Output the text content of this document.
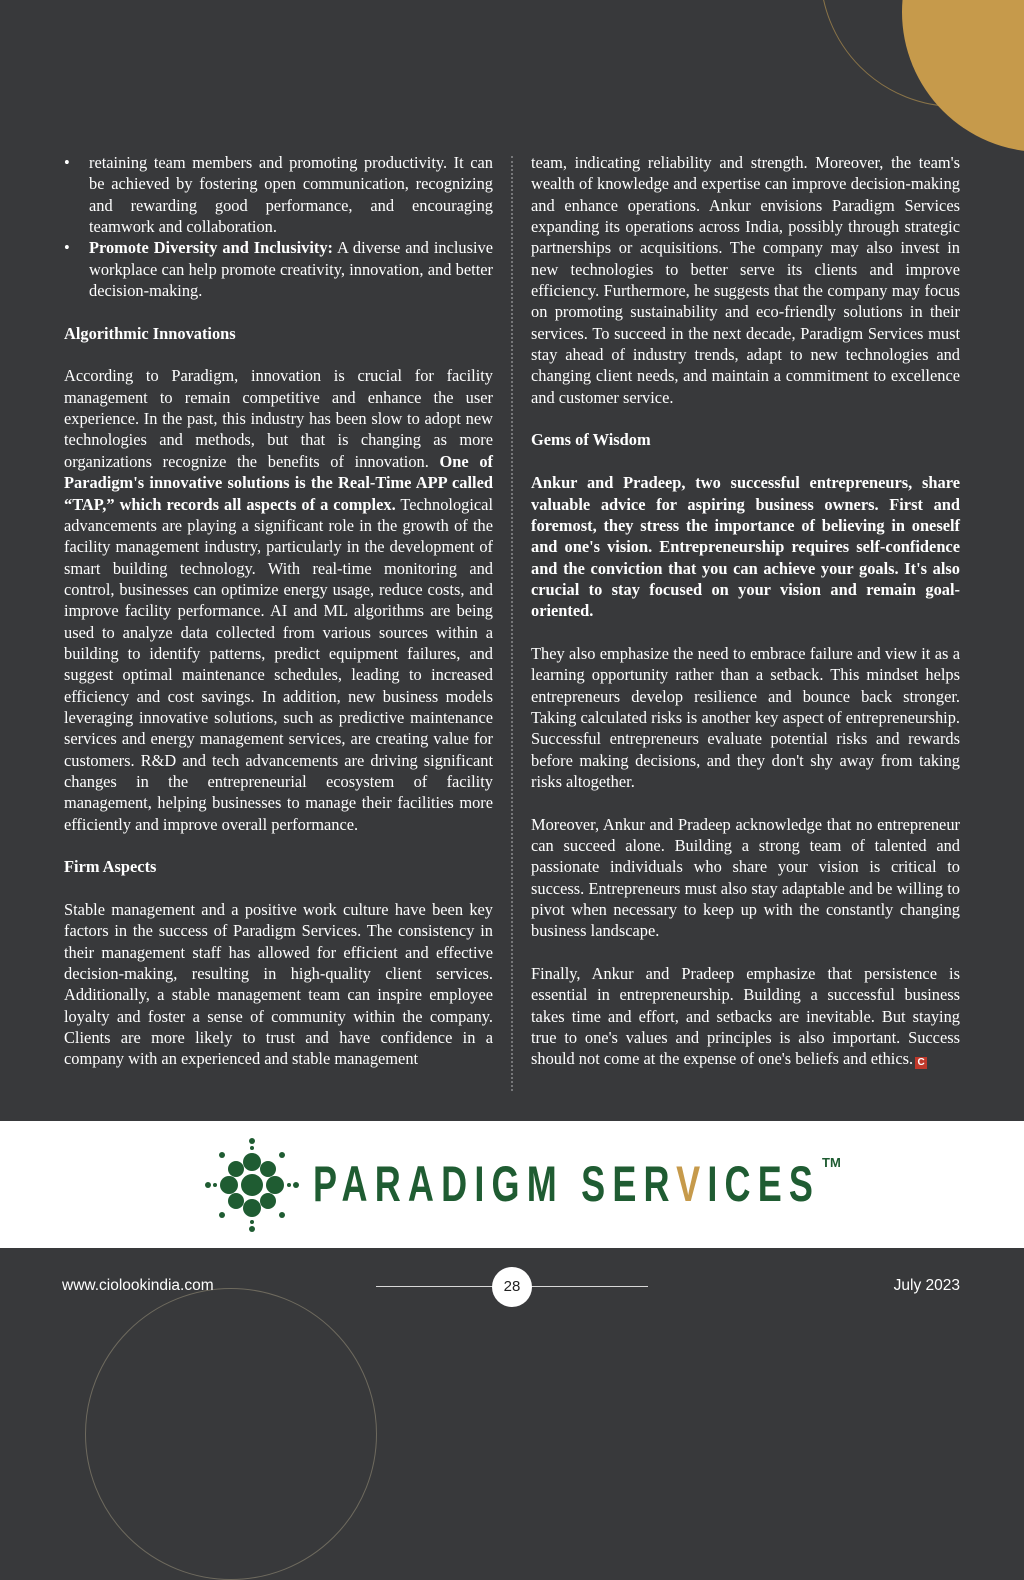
• retaining team members and promoting productivity. It can be achieved by fostering open communication, recognizing and rewarding good performance, and encouraging teamwork and collaboration.
• Promote Diversity and Inclusivity: A diverse and inclusive workplace can help promote creativity, innovation, and better decision-making.
Algorithmic Innovations

According to Paradigm, innovation is crucial for facility management to remain competitive and enhance the user experience. In the past, this industry has been slow to adopt new technologies and methods, but that is changing as more organizations recognize the benefits of innovation. One of Paradigm's innovative solutions is the Real-Time APP called “TAP,” which records all aspects of a complex. Technological advancements are playing a significant role in the growth of the facility management industry, particularly in the development of smart building technology. With real-time monitoring and control, businesses can optimize energy usage, reduce costs, and improve facility performance. AI and ML algorithms are being used to analyze data collected from various sources within a building to identify patterns, predict equipment failures, and suggest optimal maintenance schedules, leading to increased efficiency and cost savings. In addition, new business models leveraging innovative solutions, such as predictive maintenance services and energy management services, are creating value for customers. R&D and tech advancements are driving significant changes in the entrepreneurial ecosystem of facility management, helping businesses to manage their facilities more efficiently and improve overall performance.

Firm Aspects

Stable management and a positive work culture have been key factors in the success of Paradigm Services. The consistency in their management staff has allowed for efficient and effective decision-making, resulting in high-quality client services. Additionally, a stable management team can inspire employee loyalty and foster a sense of community within the company. Clients are more likely to trust and have confidence in a company with an experienced and stable management

team, indicating reliability and strength. Moreover, the team's wealth of knowledge and expertise can improve decision-making and enhance operations. Ankur envisions Paradigm Services expanding its operations across India, possibly through strategic partnerships or acquisitions. The company may also invest in new technologies to better serve its clients and improve efficiency. Furthermore, he suggests that the company may focus on promoting sustainability and eco-friendly solutions in their services. To succeed in the next decade, Paradigm Services must stay ahead of industry trends, adapt to new technologies and changing client needs, and maintain a commitment to excellence and customer service.

Gems of Wisdom

Ankur and Pradeep, two successful entrepreneurs, share valuable advice for aspiring business owners. First and foremost, they stress the importance of believing in oneself and one's vision. Entrepreneurship requires self-confidence and the conviction that you can achieve your goals. It's also crucial to stay focused on your vision and remain goal-oriented.

They also emphasize the need to embrace failure and view it as a learning opportunity rather than a setback. This mindset helps entrepreneurs develop resilience and bounce back stronger. Taking calculated risks is another key aspect of entrepreneurship. Successful entrepreneurs evaluate potential risks and rewards before making decisions, and they don't shy away from taking risks altogether.

Moreover, Ankur and Pradeep acknowledge that no entrepreneur can succeed alone. Building a strong team of talented and passionate individuals who share your vision is critical to success. Entrepreneurs must also stay adaptable and be willing to pivot when necessary to keep up with the constantly changing business landscape.

Finally, Ankur and Pradeep emphasize that persistence is essential in entrepreneurship. Building a successful business takes time and effort, and setbacks are inevitable. But staying true to one's values and principles is also important. Success should not come at the expense of one's beliefs and ethics. C

PARADIGM SERVICES TM
www.ciolookindia.com	28	July 2023
